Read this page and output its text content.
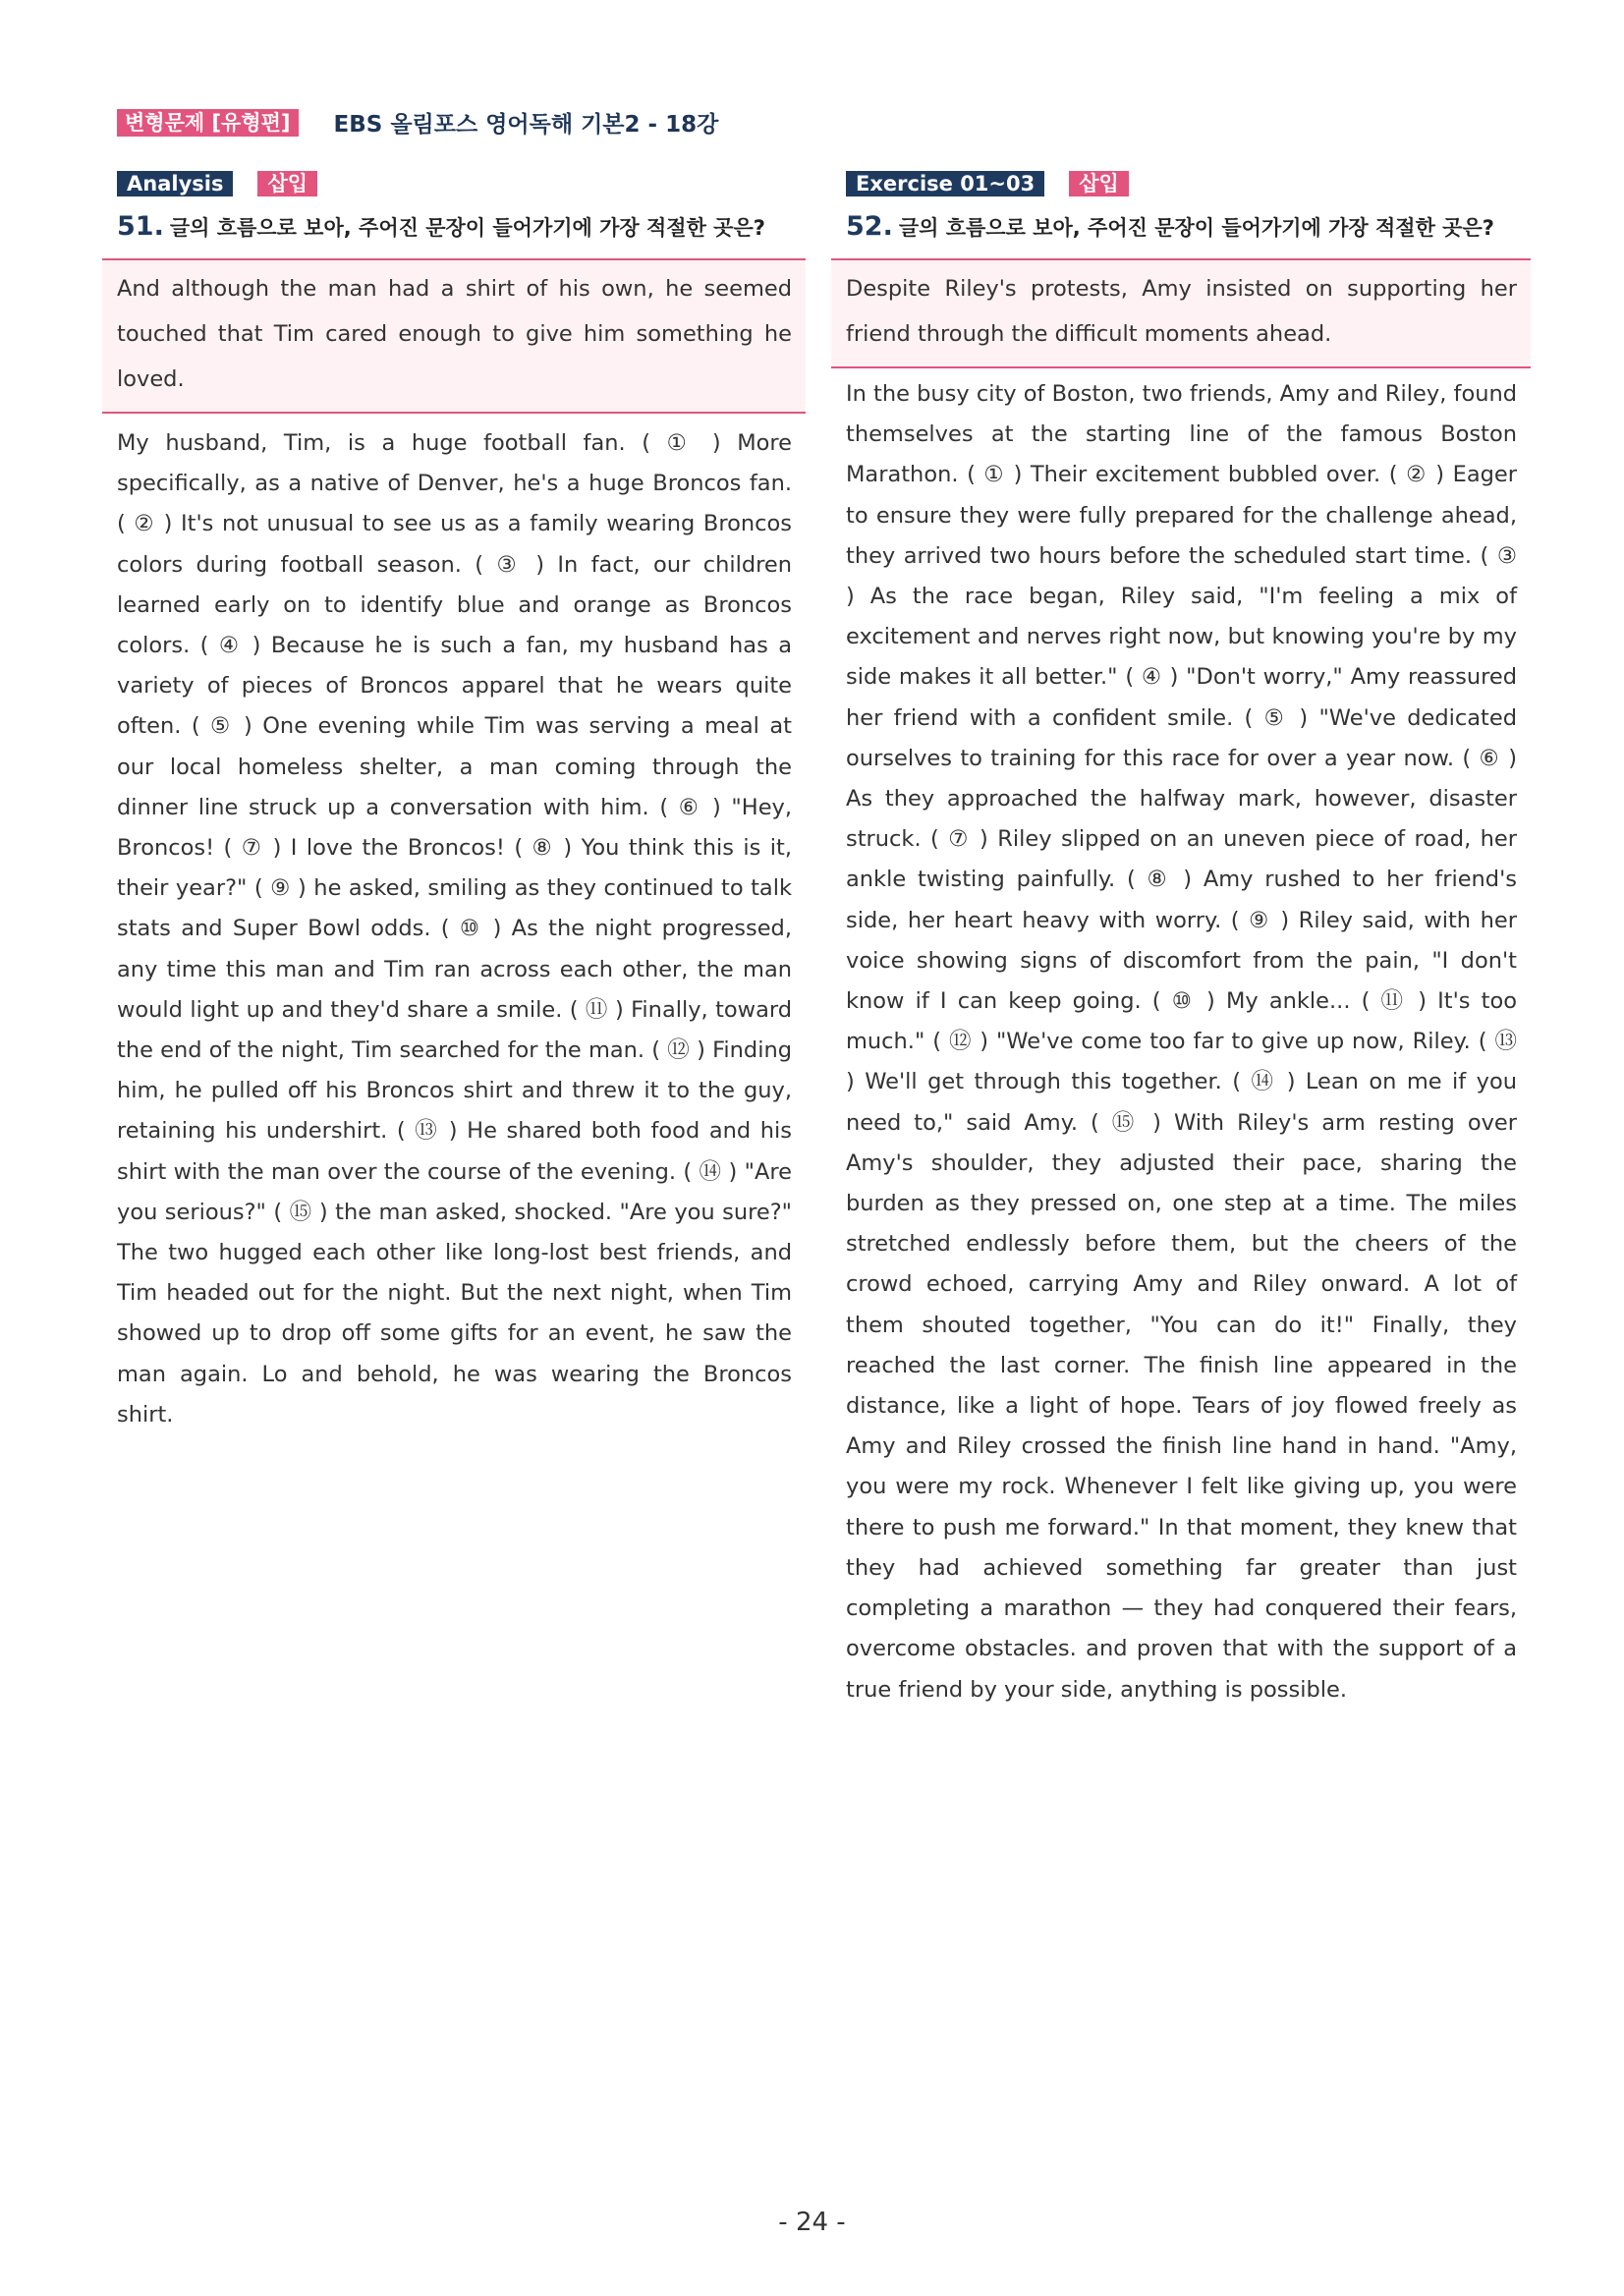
변형문제 [유형편]	EBS 올림포스 영어독해 기본2 - 18강
Analysis	삽입
51. 글의 흐름으로 보아, 주어진 문장이 들어가기에 가장 적절한 곳은?
And although the man had a shirt of his own, he seemed touched that Tim cared enough to give him something he loved.
My husband, Tim, is a huge football fan. ( ① ) More specifically, as a native of Denver, he's a huge Broncos fan. ( ② ) It's not unusual to see us as a family wearing Broncos colors during football season. ( ③ ) In fact, our children learned early on to identify blue and orange as Broncos colors. ( ④ ) Because he is such a fan, my husband has a variety of pieces of Broncos apparel that he wears quite often. ( ⑤ ) One evening while Tim was serving a meal at our local homeless shelter, a man coming through the dinner line struck up a conversation with him. ( ⑥ ) "Hey, Broncos! ( ⑦ ) I love the Broncos! ( ⑧ ) You think this is it, their year?" ( ⑨ ) he asked, smiling as they continued to talk stats and Super Bowl odds. ( ⑩ ) As the night progressed, any time this man and Tim ran across each other, the man would light up and they'd share a smile. ( ⑪ ) Finally, toward the end of the night, Tim searched for the man. ( ⑫ ) Finding him, he pulled off his Broncos shirt and threw it to the guy, retaining his undershirt. ( ⑬ ) He shared both food and his shirt with the man over the course of the evening. ( ⑭ ) "Are you serious?" ( ⑮ ) the man asked, shocked. "Are you sure?" The two hugged each other like long-lost best friends, and Tim headed out for the night. But the next night, when Tim showed up to drop off some gifts for an event, he saw the man again. Lo and behold, he was wearing the Broncos shirt.
Exercise 01~03	삽입
52. 글의 흐름으로 보아, 주어진 문장이 들어가기에 가장 적절한 곳은?
Despite Riley's protests, Amy insisted on supporting her friend through the difficult moments ahead.
In the busy city of Boston, two friends, Amy and Riley, found themselves at the starting line of the famous Boston Marathon. ( ① ) Their excitement bubbled over. ( ② ) Eager to ensure they were fully prepared for the challenge ahead, they arrived two hours before the scheduled start time. ( ③ ) As the race began, Riley said, "I'm feeling a mix of excitement and nerves right now, but knowing you're by my side makes it all better." ( ④ ) "Don't worry," Amy reassured her friend with a confident smile. ( ⑤ ) "We've dedicated ourselves to training for this race for over a year now. ( ⑥ ) As they approached the halfway mark, however, disaster struck. ( ⑦ ) Riley slipped on an uneven piece of road, her ankle twisting painfully. ( ⑧ ) Amy rushed to her friend's side, her heart heavy with worry. ( ⑨ ) Riley said, with her voice showing signs of discomfort from the pain, "I don't know if I can keep going. ( ⑩ ) My ankle... ( ⑪ ) It's too much." ( ⑫ ) "We've come too far to give up now, Riley. ( ⑬ ) We'll get through this together. ( ⑭ ) Lean on me if you need to," said Amy. ( ⑮ ) With Riley's arm resting over Amy's shoulder, they adjusted their pace, sharing the burden as they pressed on, one step at a time. The miles stretched endlessly before them, but the cheers of the crowd echoed, carrying Amy and Riley onward. A lot of them shouted together, "You can do it!" Finally, they reached the last corner. The finish line appeared in the distance, like a light of hope. Tears of joy flowed freely as Amy and Riley crossed the finish line hand in hand. "Amy, you were my rock. Whenever I felt like giving up, you were there to push me forward." In that moment, they knew that they had achieved something far greater than just completing a marathon — they had conquered their fears, overcome obstacles. and proven that with the support of a true friend by your side, anything is possible.
- 24 -
